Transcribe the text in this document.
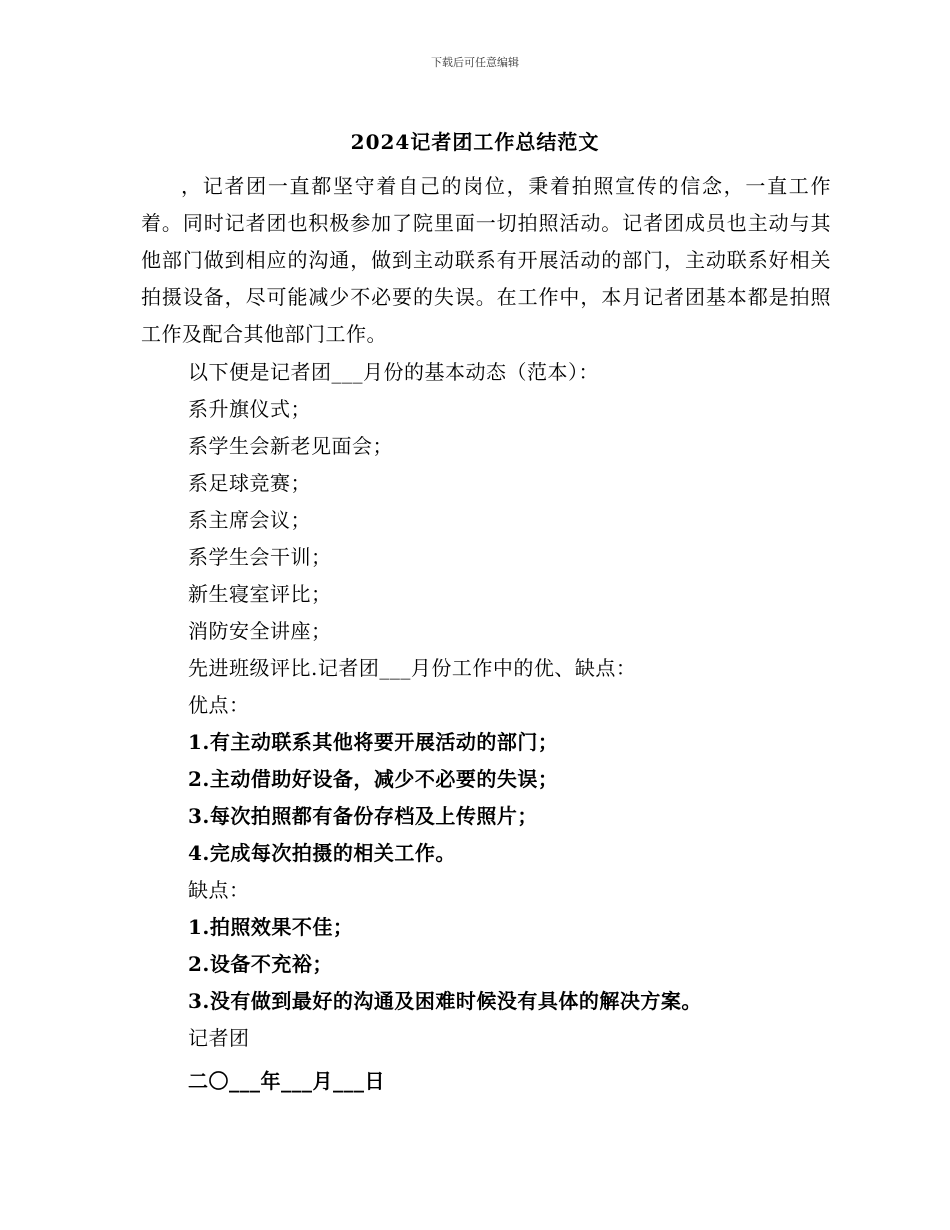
下载后可任意编辑
2024记者团工作总结范文

，记者团一直都坚守着自己的岗位，秉着拍照宣传的信念，一直工作着。同时记者团也积极参加了院里面一切拍照活动。记者团成员也主动与其他部门做到相应的沟通，做到主动联系有开展活动的部门，主动联系好相关拍摄设备，尽可能减少不必要的失误。在工作中，本月记者团基本都是拍照工作及配合其他部门工作。

以下便是记者团___月份的基本动态（范本）：
系升旗仪式；
系学生会新老见面会；
系足球竞赛；
系主席会议；
系学生会干训；
新生寝室评比；
消防安全讲座；
先进班级评比.记者团___月份工作中的优、缺点：
优点：
1.有主动联系其他将要开展活动的部门；
2.主动借助好设备，减少不必要的失误；
3.每次拍照都有备份存档及上传照片；
4.完成每次拍摄的相关工作。
缺点：
1.拍照效果不佳；
2.设备不充裕；
3.没有做到最好的沟通及困难时候没有具体的解决方案。
记者团
二〇___年___月___日
